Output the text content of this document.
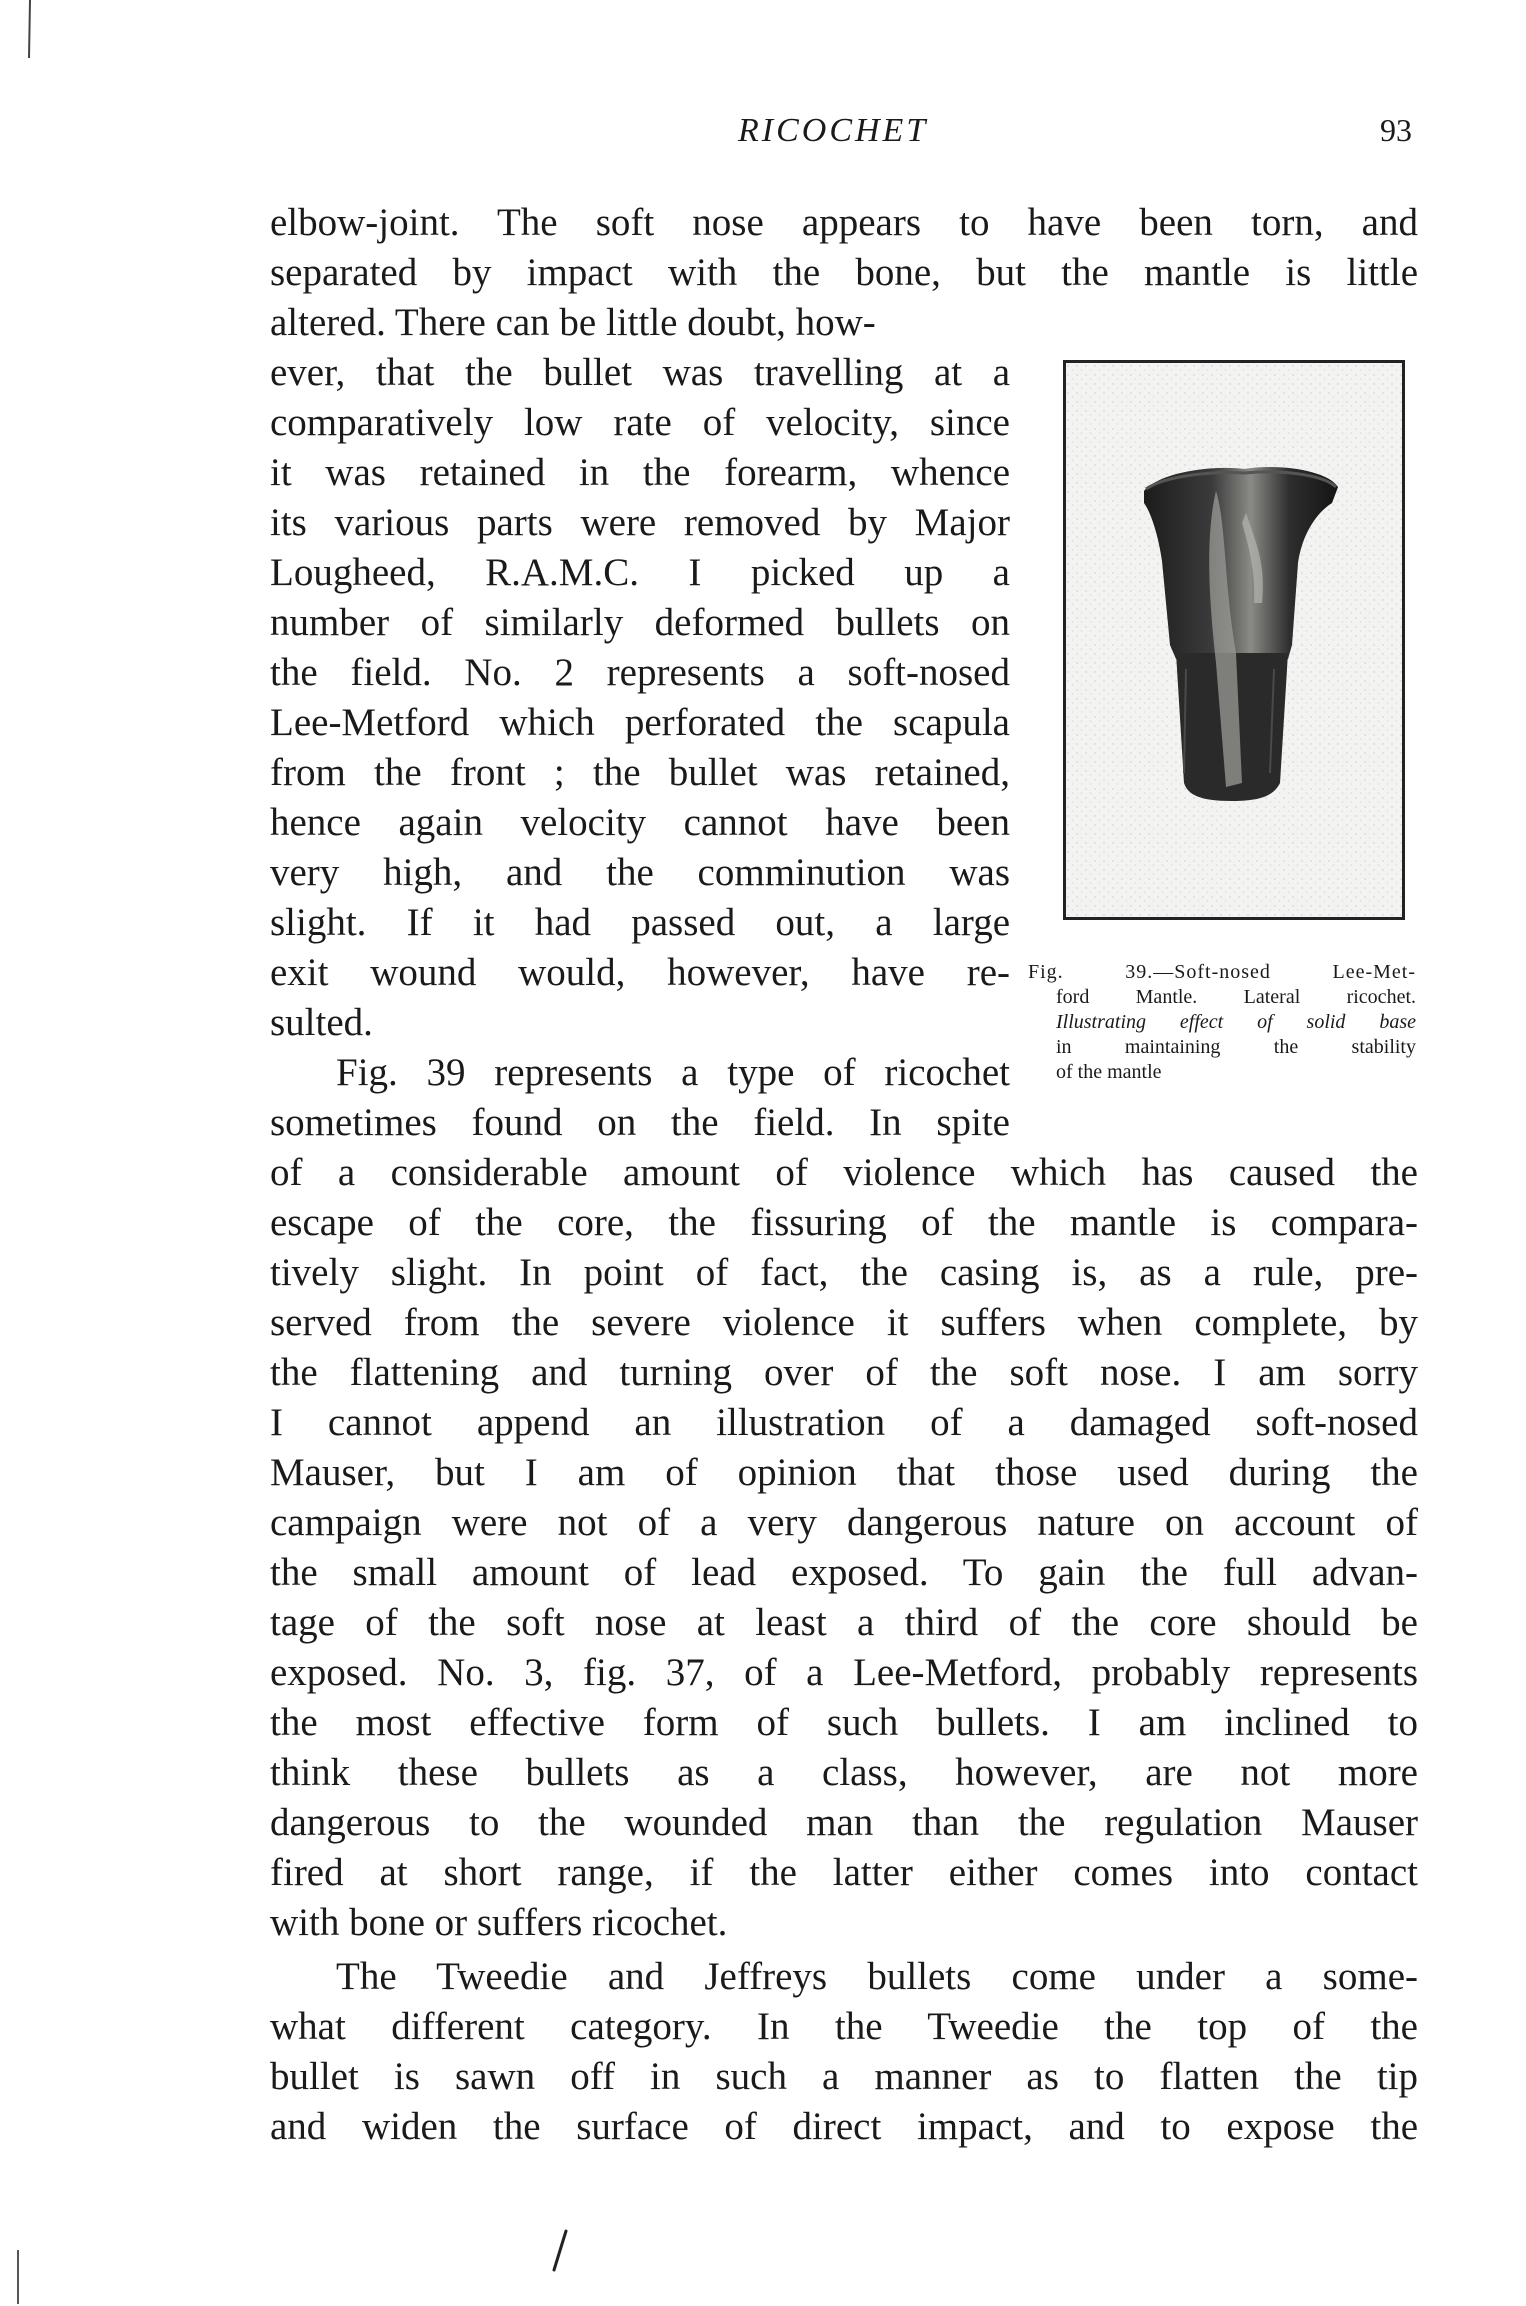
RICOCHET	93
elbow-joint. The soft nose appears to have been torn, and
separated by impact with the bone, but the mantle is little
altered. There can be little doubt, how-
ever, that the bullet was travelling at a
comparatively low rate of velocity, since
it was retained in the forearm, whence
its various parts were removed by Major
Lougheed, R.A.M.C. I picked up a
number of similarly deformed bullets on
the field. No. 2 represents a soft-nosed
Lee-Metford which perforated the scapula
from the front ; the bullet was retained,
hence again velocity cannot have been
very high, and the comminution was
slight. If it had passed out, a large
exit wound would, however, have re-
sulted.
Fig. 39 represents a type of ricochet
sometimes found on the field. In spite
of a considerable amount of violence which has caused the
escape of the core, the fissuring of the mantle is compara-
tively slight. In point of fact, the casing is, as a rule, pre-
served from the severe violence it suffers when complete, by
the flattening and turning over of the soft nose. I am sorry
I cannot append an illustration of a damaged soft-nosed
Mauser, but I am of opinion that those used during the
campaign were not of a very dangerous nature on account of
the small amount of lead exposed. To gain the full advan-
tage of the soft nose at least a third of the core should be
exposed. No. 3, fig. 37, of a Lee-Metford, probably represents
the most effective form of such bullets. I am inclined to
think these bullets as a class, however, are not more
dangerous to the wounded man than the regulation Mauser
fired at short range, if the latter either comes into contact
with bone or suffers ricochet.
The Tweedie and Jeffreys bullets come under a some-
what different category. In the Tweedie the top of the
bullet is sawn off in such a manner as to flatten the tip
and widen the surface of direct impact, and to expose the
Fig. 39.—Soft-nosed Lee-Met-
ford Mantle. Lateral ricochet.
Illustrating effect of solid base
in maintaining the stability
of the mantle
